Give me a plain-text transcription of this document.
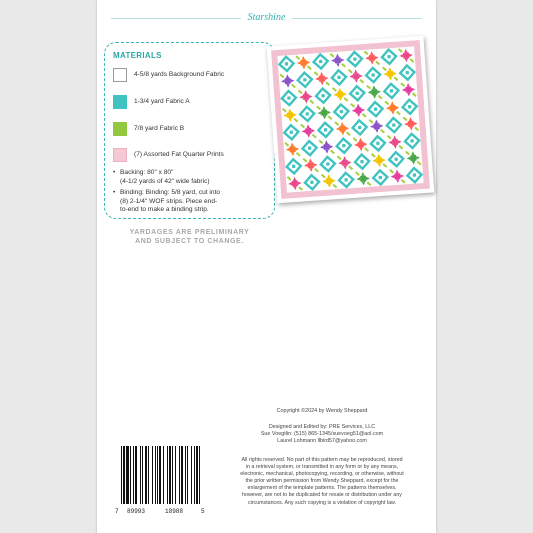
Starshine
MATERIALS
4-5/8 yards Background Fabric
1-3/4 yard Fabric A
7/8 yard Fabric B
(7) Assorted Fat Quarter Prints
• Backing: 80" x 80"
(4-1/2 yards of 42" wide fabric)
• Binding: Binding: 5/8 yard, cut into
(8) 2-1/4" WOF strips. Piece end-
to-end to make a binding strip.
YARDAGES ARE PRELIMINARY
AND SUBJECT TO CHANGE.
Copyright ©2024 by Wendy Sheppard
Designed and Edited by: PRE Services, LLC
Sue Voegtlin: (515) 865-1345/suevoeg51@aol.com
Laurel Lohmann llbird57@yahoo.com
All rights reserved. No part of this pattern may be reproduced, stored
in a retrieval system, or transmitted in any form or by any means,
electronic, mechanical, photocopying, recording, or otherwise, without
the prior written permission from Wendy Sheppard, except for the
enlargement of the template patterns. The patterns themselves,
however, are not to be duplicated for resale or distribution under any
circumstances. Any such copying is a violation of copyright law.
7 89993	18988	5
